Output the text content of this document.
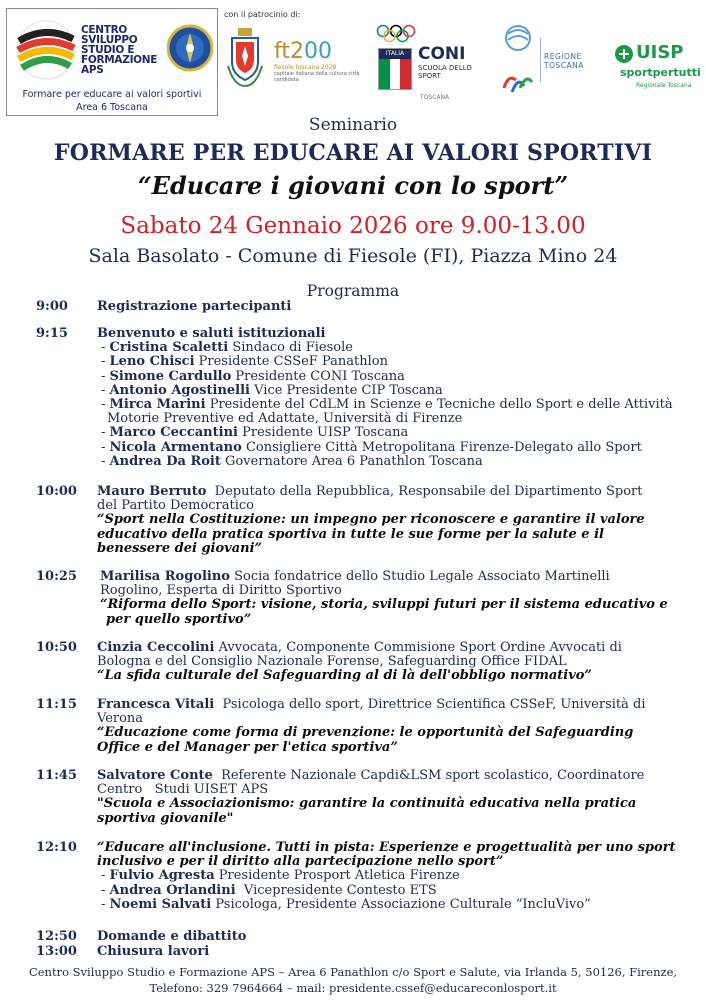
CENTRO SVILUPPO STUDIO E FORMAZIONE APS
Formare per educare ai valori sportivi
Area 6 Toscana
con il patrocinio di:
ft200
fiesole toscana 2028
capitale italiana della cultura città candidata
ITALIA CONI
SCUOLA DELLO SPORT
TOSCANA
REGIONE TOSCANA
UISP
sportpertutti
Regionale Toscana
Seminario
FORMARE PER EDUCARE AI VALORI SPORTIVI
“Educare i giovani con lo sport”
Sabato 24 Gennaio 2026 ore 9.00-13.00
Sala Basolato - Comune di Fiesole (FI), Piazza Mino 24
Programma
9:00	Registrazione partecipanti
9:15	Benvenuto e saluti istituzionali
- Cristina Scaletti Sindaco di Fiesole
- Leno Chisci Presidente CSSeF Panathlon
- Simone Cardullo Presidente CONI Toscana
- Antonio Agostinelli Vice Presidente CIP Toscana
- Mirca Marini Presidente del CdLM in Scienze e Tecniche dello Sport e delle Attività
Motorie Preventive ed Adattate, Università di Firenze
- Marco Ceccantini Presidente UISP Toscana
- Nicola Armentano Consigliere Città Metropolitana Firenze-Delegato allo Sport
- Andrea Da Roit Governatore Area 6 Panathlon Toscana
10:00	Mauro Berruto Deputato della Repubblica, Responsabile del Dipartimento Sport
del Partito Democratico
“Sport nella Costituzione: un impegno per riconoscere e garantire il valore
educativo della pratica sportiva in tutte le sue forme per la salute e il
benessere dei giovani”
10:25	Marilisa Rogolino Socia fondatrice dello Studio Legale Associato Martinelli
Rogolino, Esperta di Diritto Sportivo
“Riforma dello Sport: visione, storia, sviluppi futuri per il sistema educativo e
per quello sportivo”
10:50	Cinzia Ceccolini Avvocata, Componente Commisione Sport Ordine Avvocati di
Bologna e del Consiglio Nazionale Forense, Safeguarding Office FIDAL
“La sfida culturale del Safeguarding al di là dell'obbligo normativo”
11:15	Francesca Vitali Psicologa dello sport, Direttrice Scientifica CSSeF, Università di
Verona
“Educazione come forma di prevenzione: le opportunità del Safeguarding
Office e del Manager per l'etica sportiva”
11:45	Salvatore Conte Referente Nazionale Capdi&LSM sport scolastico, Coordinatore
Centro   Studi UISET APS
"Scuola e Associazionismo: garantire la continuità educativa nella pratica
sportiva giovanile"
12:10	“Educare all'inclusione. Tutti in pista: Esperienze e progettualità per uno sport
inclusivo e per il diritto alla partecipazione nello sport”
- Fulvio Agresta Presidente Prosport Atletica Firenze
- Andrea Orlandini Vicepresidente Contesto ETS
- Noemi Salvati Psicologa, Presidente Associazione Culturale “IncluVivo”
12:50	Domande e dibattito
13:00	Chiusura lavori
Centro Sviluppo Studio e Formazione APS – Area 6 Panathlon c/o Sport e Salute, via Irlanda 5, 50126, Firenze,
Telefono: 329 7964664 – mail: presidente.cssef@educareconlosport.it
